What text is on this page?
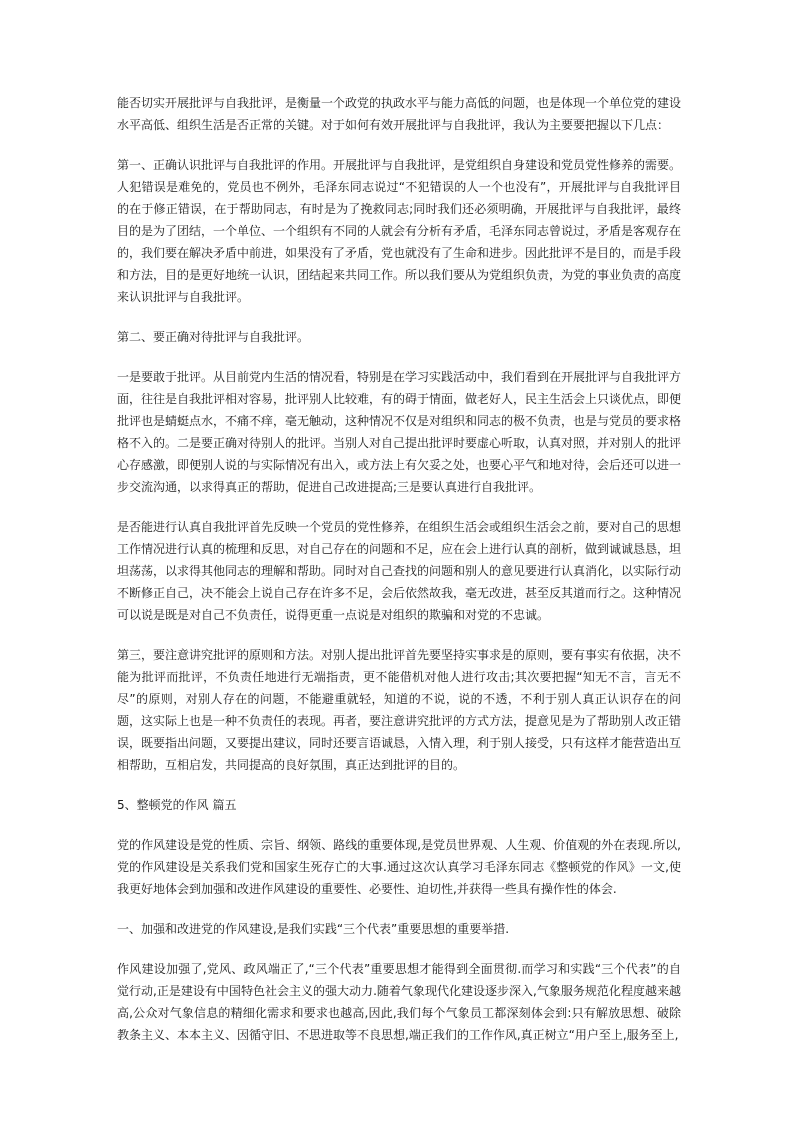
能否切实开展批评与自我批评，是衡量一个政党的执政水平与能力高低的问题，也是体现一个单位党的建设水平高低、组织生活是否正常的关键。对于如何有效开展批评与自我批评，我认为主要要把握以下几点：

第一、正确认识批评与自我批评的作用。开展批评与自我批评，是党组织自身建设和党员党性修养的需要。人犯错误是难免的，党员也不例外，毛泽东同志说过“不犯错误的人一个也没有”，开展批评与自我批评目的在于修正错误，在于帮助同志，有时是为了挽救同志;同时我们还必须明确，开展批评与自我批评，最终目的是为了团结，一个单位、一个组织有不同的人就会有分析有矛盾，毛泽东同志曾说过，矛盾是客观存在的，我们要在解决矛盾中前进，如果没有了矛盾，党也就没有了生命和进步。因此批评不是目的，而是手段和方法，目的是更好地统一认识，团结起来共同工作。所以我们要从为党组织负责，为党的事业负责的高度来认识批评与自我批评。

第二、要正确对待批评与自我批评。

一是要敢于批评。从目前党内生活的情况看，特别是在学习实践活动中，我们看到在开展批评与自我批评方面，往往是自我批评相对容易，批评别人比较难，有的碍于情面，做老好人，民主生活会上只谈优点，即便批评也是蜻蜓点水，不痛不痒，毫无触动，这种情况不仅是对组织和同志的极不负责，也是与党员的要求格格不入的。二是要正确对待别人的批评。当别人对自己提出批评时要虚心听取，认真对照，并对别人的批评心存感激，即便别人说的与实际情况有出入，或方法上有欠妥之处，也要心平气和地对待，会后还可以进一步交流沟通，以求得真正的帮助，促进自己改进提高;三是要认真进行自我批评。

是否能进行认真自我批评首先反映一个党员的党性修养，在组织生活会或组织生活会之前，要对自己的思想工作情况进行认真的梳理和反思，对自己存在的问题和不足，应在会上进行认真的剖析，做到诚诚恳恳，坦坦荡荡，以求得其他同志的理解和帮助。同时对自己查找的问题和别人的意见要进行认真消化，以实际行动不断修正自己，决不能会上说自己存在许多不足，会后依然故我，毫无改进，甚至反其道而行之。这种情况可以说是既是对自己不负责任，说得更重一点说是对组织的欺骗和对党的不忠诚。

第三，要注意讲究批评的原则和方法。对别人提出批评首先要坚持实事求是的原则，要有事实有依据，决不能为批评而批评，不负责任地进行无端指责，更不能借机对他人进行攻击;其次要把握“知无不言，言无不尽”的原则，对别人存在的问题，不能避重就轻，知道的不说，说的不透，不利于别人真正认识存在的问题，这实际上也是一种不负责任的表现。再者，要注意讲究批评的方式方法，提意见是为了帮助别人改正错误，既要指出问题，又要提出建议，同时还要言语诚恳，入情入理，利于别人接受，只有这样才能营造出互相帮助，互相启发，共同提高的良好氛围，真正达到批评的目的。

5、整顿党的作风 篇五

党的作风建设是党的性质、宗旨、纲领、路线的重要体现,是党员世界观、人生观、价值观的外在表现.所以,党的作风建设是关系我们党和国家生死存亡的大事.通过这次认真学习毛泽东同志《整顿党的作风》一文,使我更好地体会到加强和改进作风建设的重要性、必要性、迫切性,并获得一些具有操作性的体会.

一、加强和改进党的作风建设,是我们实践“三个代表”重要思想的重要举措.

作风建设加强了,党风、政风端正了,“三个代表”重要思想才能得到全面贯彻.而学习和实践“三个代表”的自觉行动,正是建设有中国特色社会主义的强大动力.随着气象现代化建设逐步深入,气象服务规范化程度越来越高,公众对气象信息的精细化需求和要求也越高,因此,我们每个气象员工都深刻体会到:只有解放思想、破除教条主义、本本主义、因循守旧、不思进取等不良思想,端正我们的工作作风,真正树立“用户至上,服务至上,
